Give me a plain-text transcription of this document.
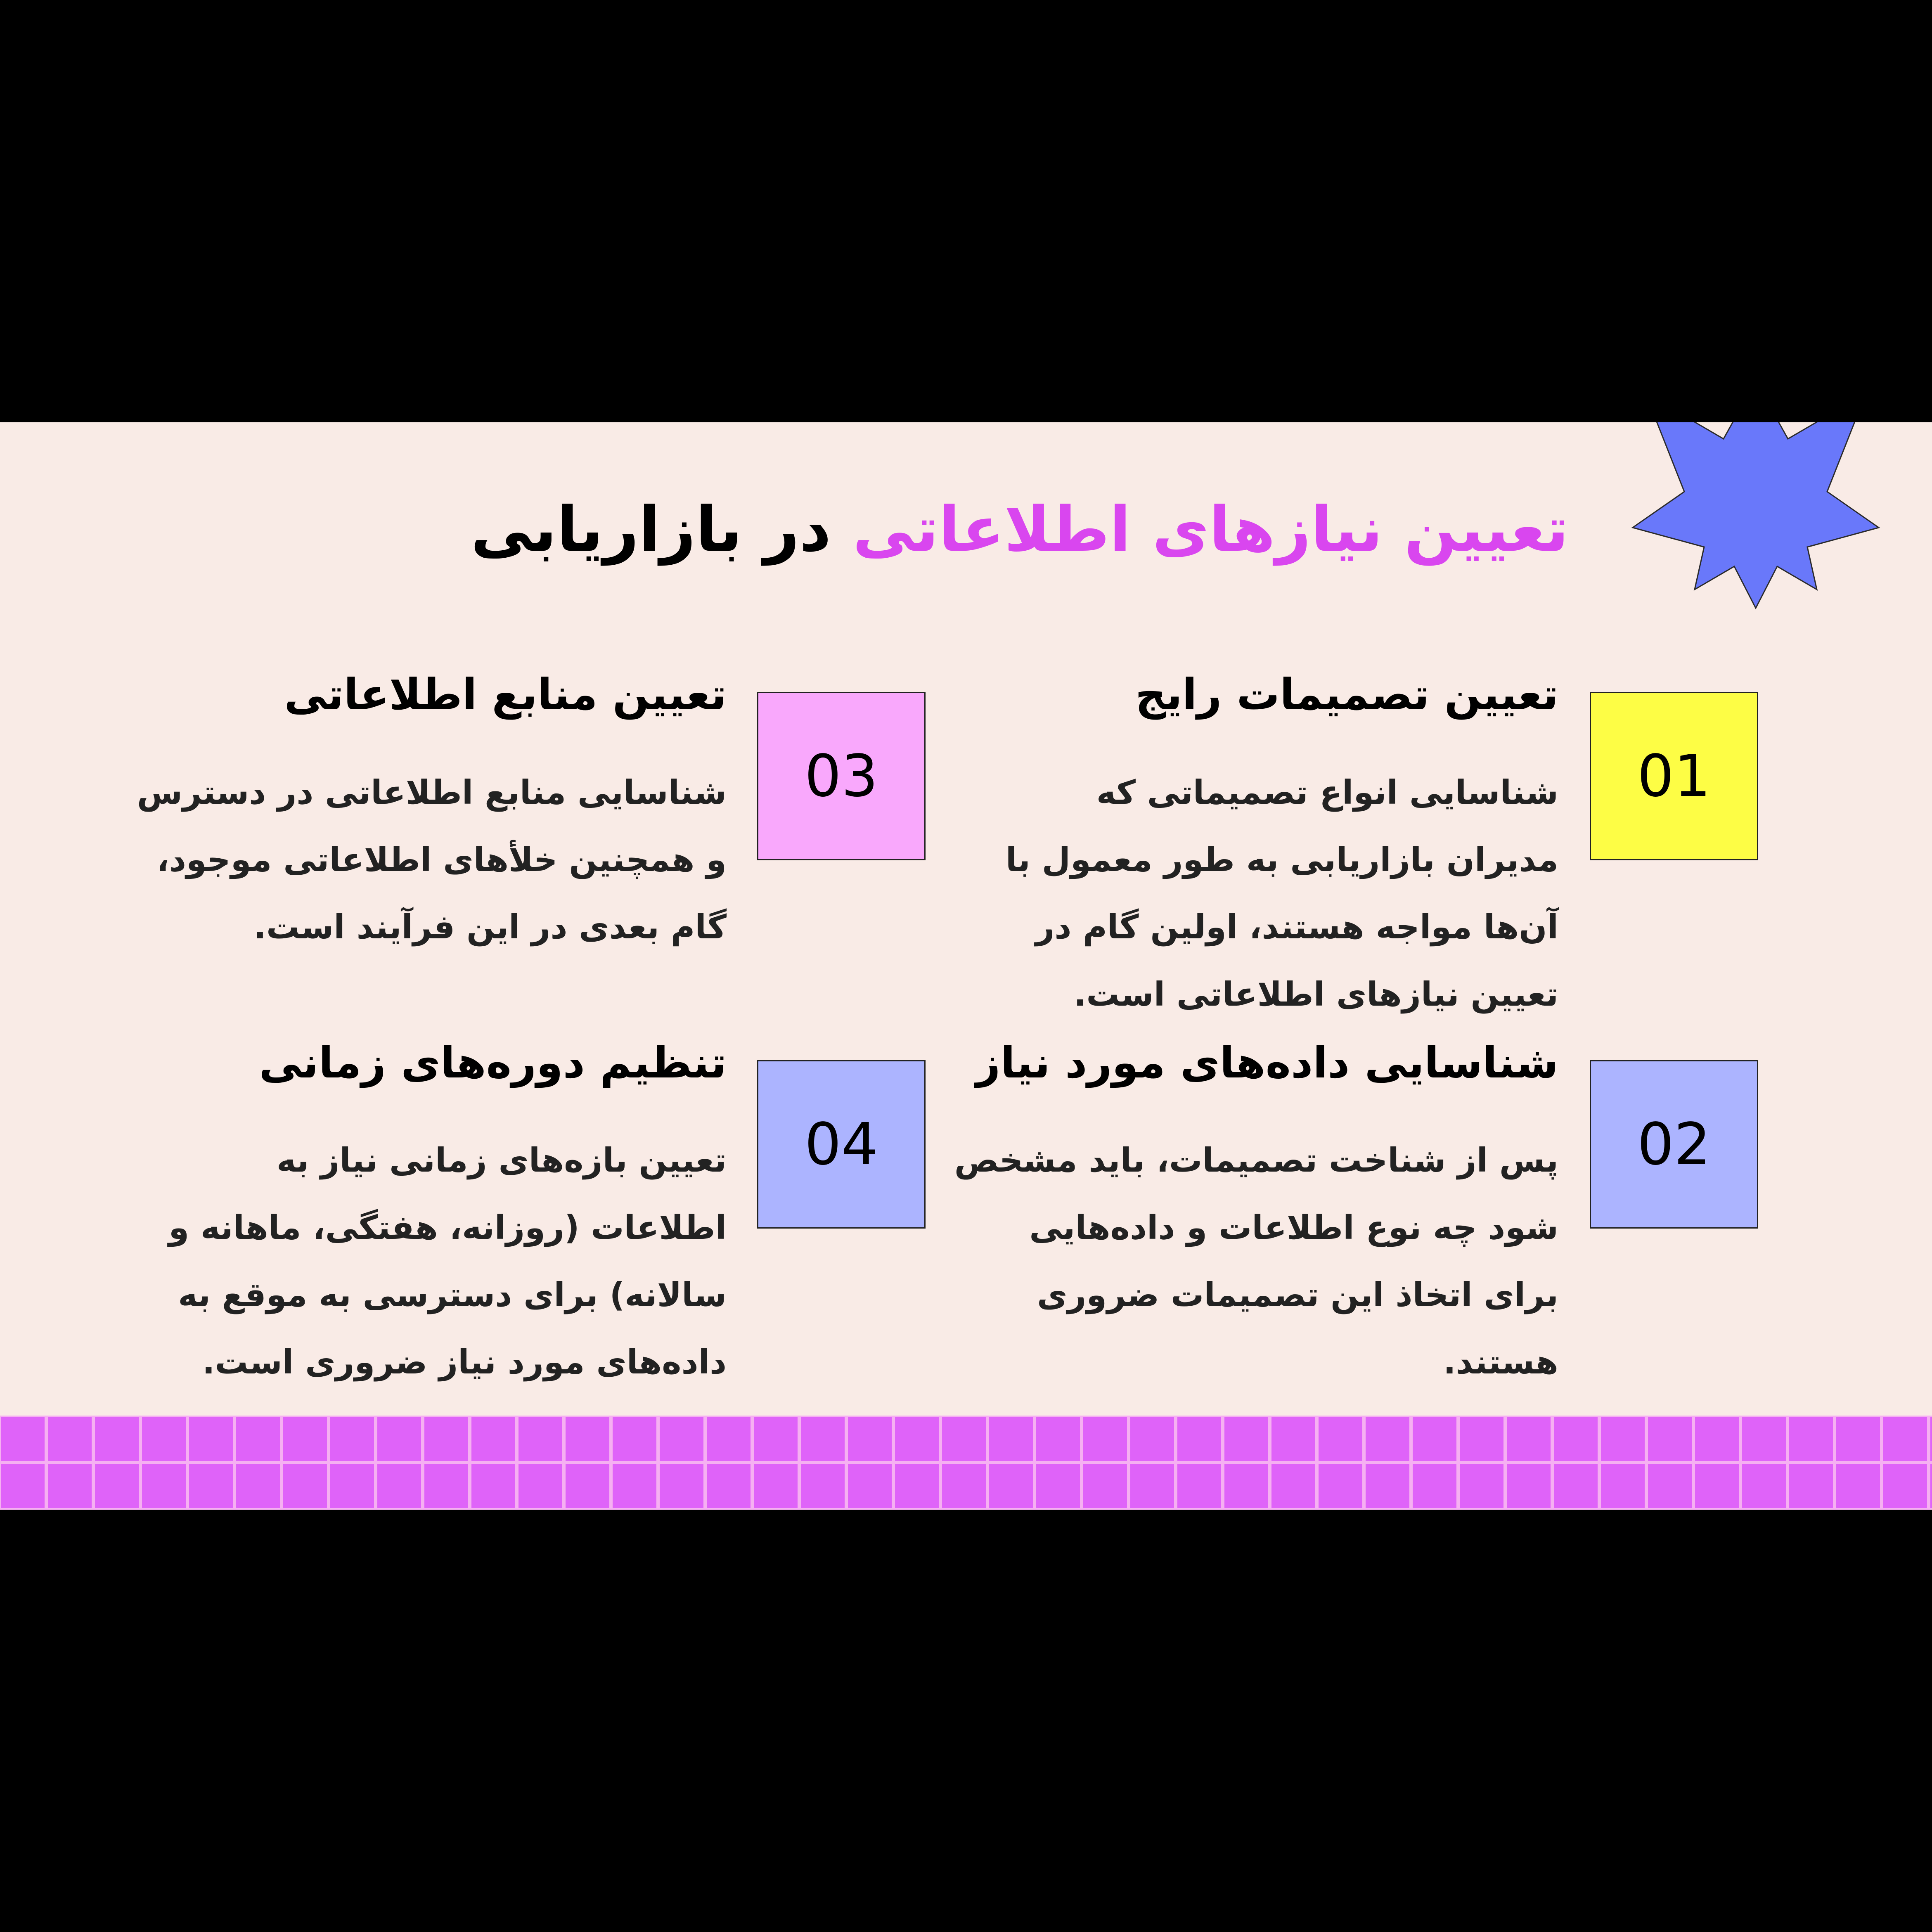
تعیین نیازهای اطلاعاتی در بازاریابی
01
تعیین تصمیمات رایج

شناسایی انواع تصمیماتی که مدیران بازاریابی به طور معمول با آن‌ها مواجه هستند، اولین گام در تعیین نیازهای اطلاعاتی است.

02
شناسایی داده‌های مورد نیاز

پس از شناخت تصمیمات، باید مشخص شود چه نوع اطلاعات و داده‌هایی برای اتخاذ این تصمیمات ضروری هستند.

03
تعیین منابع اطلاعاتی

شناسایی منابع اطلاعاتی در دسترس و همچنین خلأهای اطلاعاتی موجود، گام بعدی در این فرآیند است.

04
تنظیم دوره‌های زمانی

تعیین بازه‌های زمانی نیاز به اطلاعات (روزانه، هفتگی، ماهانه و سالانه) برای دسترسی به موقع به داده‌های مورد نیاز ضروری است.
